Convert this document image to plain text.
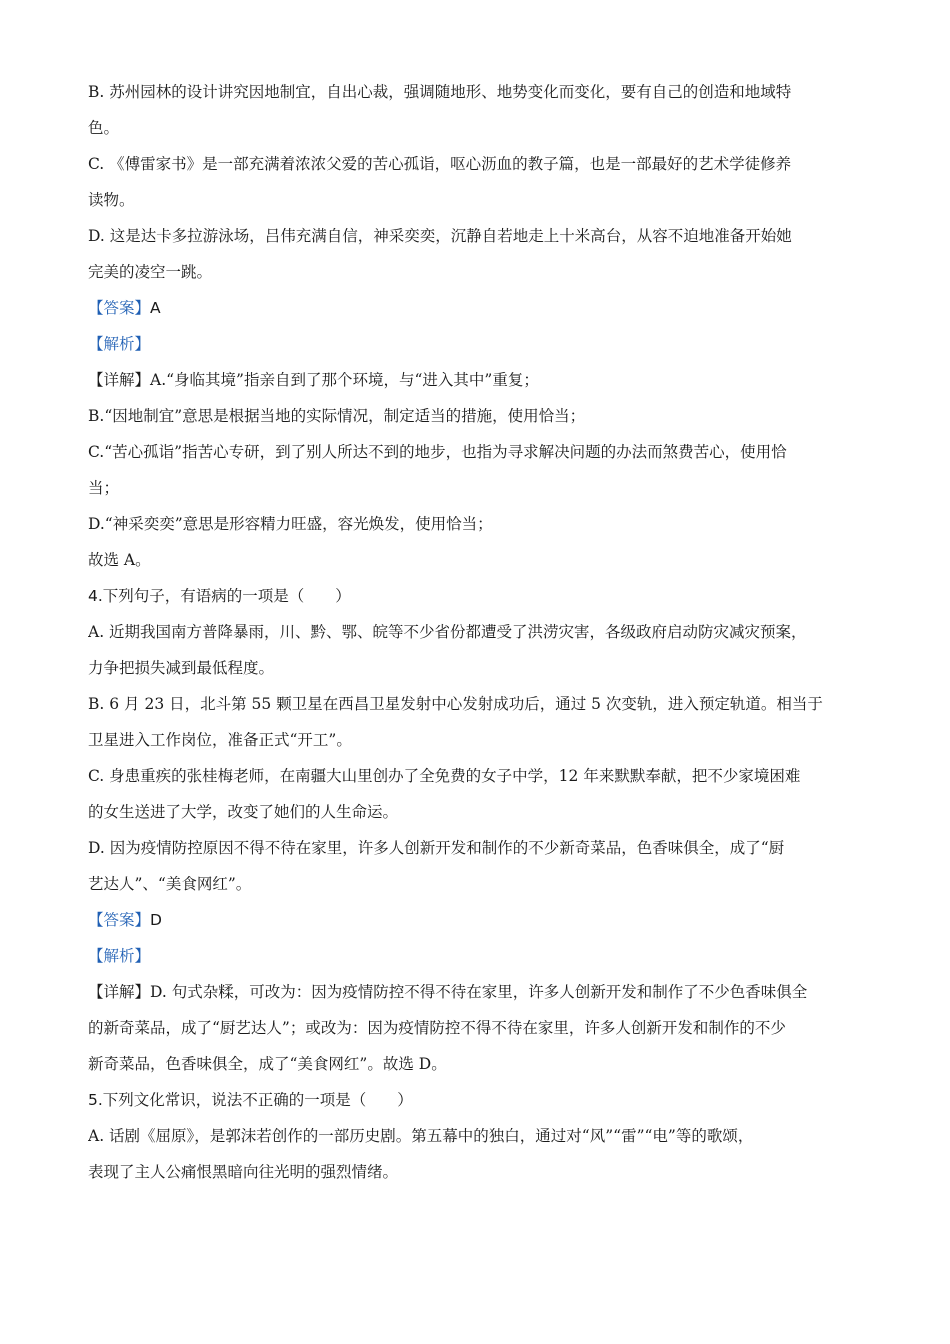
B. 苏州园林的设计讲究因地制宜，自出心裁，强调随地形、地势变化而变化，要有自己的创造和地域特
色。
C. 《傅雷家书》是一部充满着浓浓父爱的苦心孤诣，呕心沥血的教子篇，也是一部最好的艺术学徒修养
读物。
D. 这是达卡多拉游泳场，吕伟充满自信，神采奕奕，沉静自若地走上十米高台，从容不迫地准备开始她
完美的凌空一跳。
【答案】A
【解析】
【详解】A.“身临其境”指亲自到了那个环境，与“进入其中”重复；
B.“因地制宜”意思是根据当地的实际情况，制定适当的措施，使用恰当；
C.“苦心孤诣”指苦心专研，到了别人所达不到的地步，也指为寻求解决问题的办法而煞费苦心，使用恰
当；
D.“神采奕奕”意思是形容精力旺盛，容光焕发，使用恰当；
故选 A。
4.下列句子，有语病的一项是（　　）
A. 近期我国南方普降暴雨，川、黔、鄂、皖等不少省份都遭受了洪涝灾害，各级政府启动防灾减灾预案，
力争把损失减到最低程度。
B. 6 月 23 日，北斗第 55 颗卫星在西昌卫星发射中心发射成功后，通过 5 次变轨，进入预定轨道。相当于
卫星进入工作岗位，准备正式“开工”。
C. 身患重疾的张桂梅老师，在南疆大山里创办了全免费的女子中学，12 年来默默奉献，把不少家境困难
的女生送进了大学，改变了她们的人生命运。
D. 因为疫情防控原因不得不待在家里，许多人创新开发和制作的不少新奇菜品，色香味俱全，成了“厨
艺达人”、“美食网红”。
【答案】D
【解析】
【详解】D. 句式杂糅，可改为：因为疫情防控不得不待在家里，许多人创新开发和制作了不少色香味俱全
的新奇菜品，成了“厨艺达人”；或改为：因为疫情防控不得不待在家里，许多人创新开发和制作的不少
新奇菜品，色香味俱全，成了“美食网红”。故选 D。
5.下列文化常识，说法不正确的一项是（　　）
A. 话剧《屈原》，是郭沫若创作的一部历史剧。第五幕中的独白，通过对“风”“雷”“电”等的歌颂，
表现了主人公痛恨黑暗向往光明的强烈情绪。
